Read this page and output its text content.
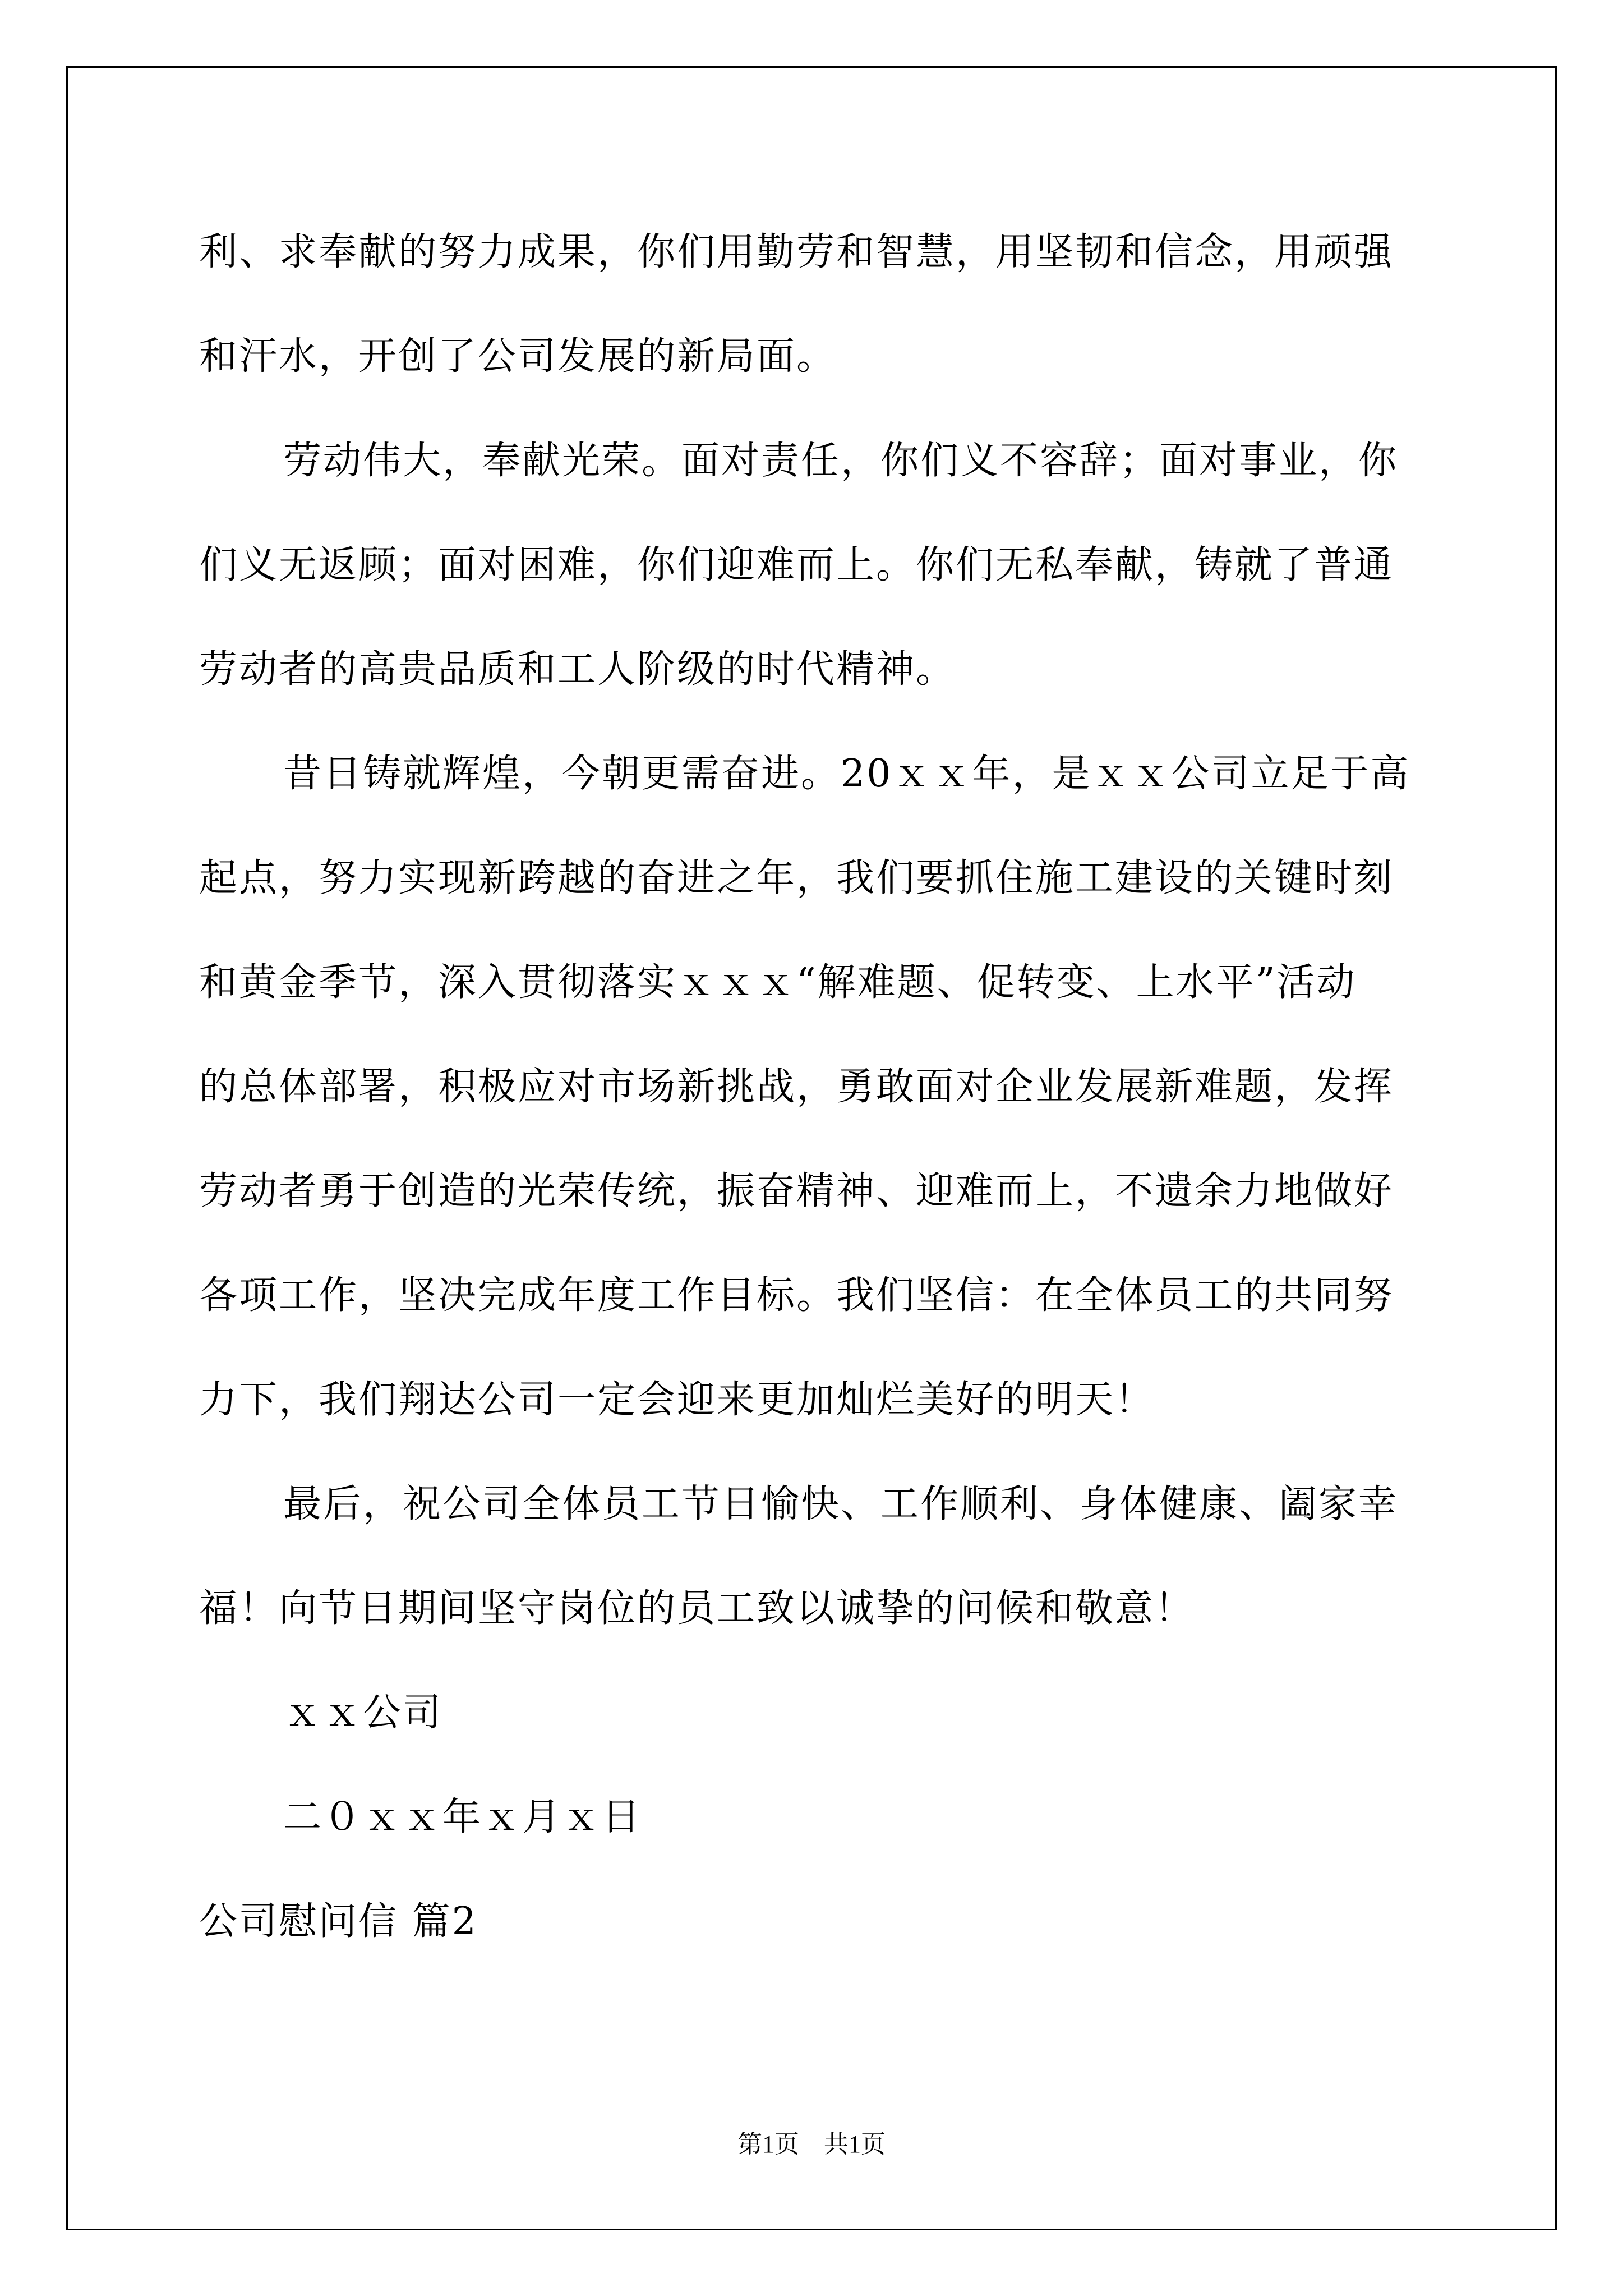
利、求奉献的努力成果，你们用勤劳和智慧，用坚韧和信念，用顽强
和汗水，开创了公司发展的新局面。
劳动伟大，奉献光荣。面对责任，你们义不容辞；面对事业，你
们义无返顾；面对困难，你们迎难而上。你们无私奉献，铸就了普通
劳动者的高贵品质和工人阶级的时代精神。
昔日铸就辉煌，今朝更需奋进。20ｘｘ年，是ｘｘ公司立足于高
起点，努力实现新跨越的奋进之年，我们要抓住施工建设的关键时刻
和黄金季节，深入贯彻落实ｘｘｘ“解难题、促转变、上水平”活动
的总体部署，积极应对市场新挑战，勇敢面对企业发展新难题，发挥
劳动者勇于创造的光荣传统，振奋精神、迎难而上，不遗余力地做好
各项工作，坚决完成年度工作目标。我们坚信：在全体员工的共同努
力下，我们翔达公司一定会迎来更加灿烂美好的明天！
最后，祝公司全体员工节日愉快、工作顺利、身体健康、阖家幸
福！向节日期间坚守岗位的员工致以诚挚的问候和敬意！
ｘｘ公司
二０ｘｘ年ｘ月ｘ日
公司慰问信 篇2
第1页　共1页
